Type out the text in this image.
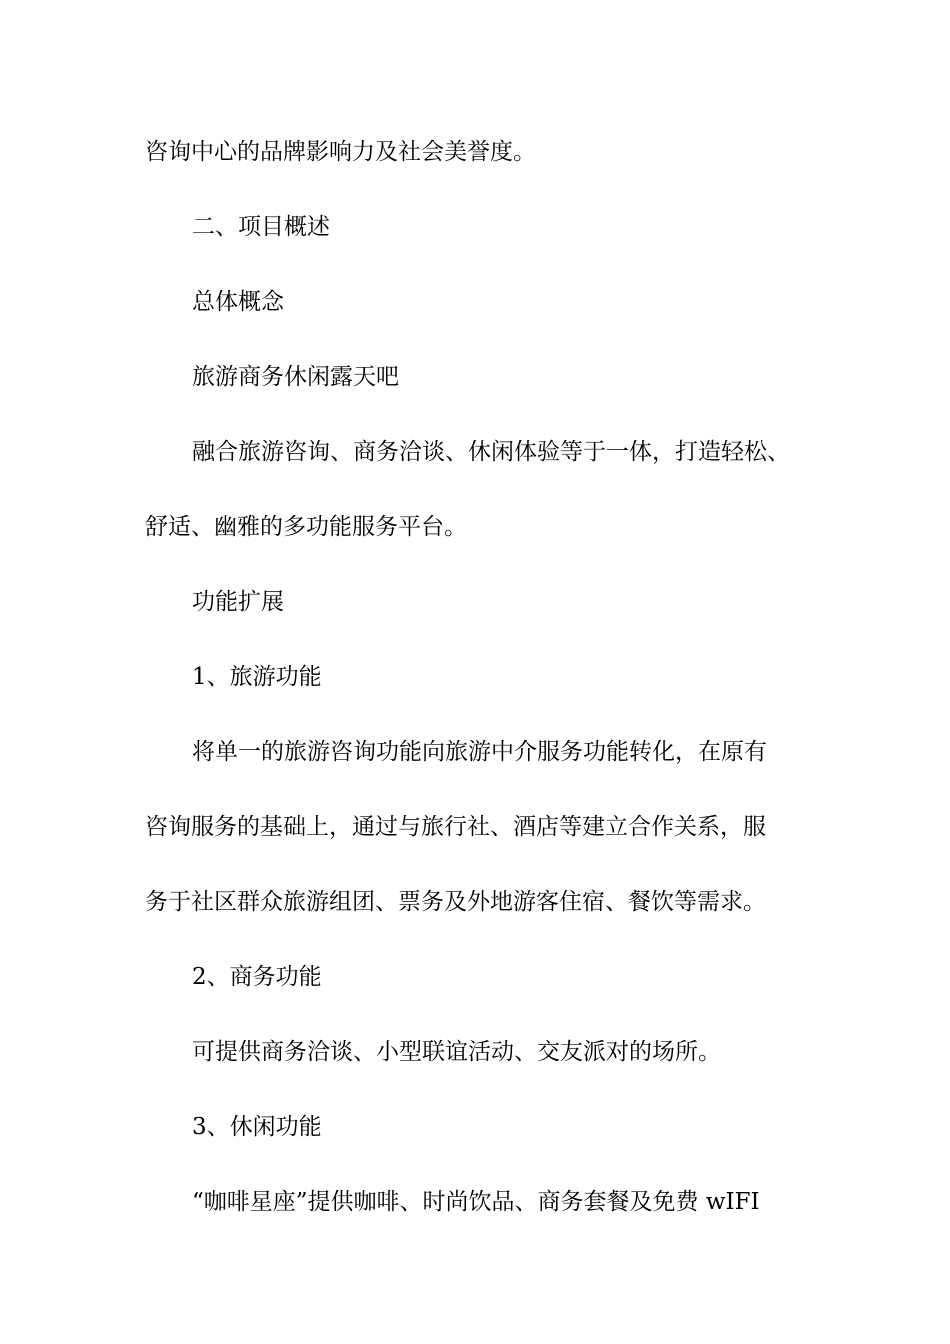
咨询中心的品牌影响力及社会美誉度。
二、项目概述
总体概念
旅游商务休闲露天吧
融合旅游咨询、商务洽谈、休闲体验等于一体，打造轻松、
舒适、幽雅的多功能服务平台。
功能扩展
1、旅游功能
将单一的旅游咨询功能向旅游中介服务功能转化，在原有
咨询服务的基础上，通过与旅行社、酒店等建立合作关系，服
务于社区群众旅游组团、票务及外地游客住宿、餐饮等需求。
2、商务功能
可提供商务洽谈、小型联谊活动、交友派对的场所。
3、休闲功能
“咖啡星座”提供咖啡、时尚饮品、商务套餐及免费 wIFI
